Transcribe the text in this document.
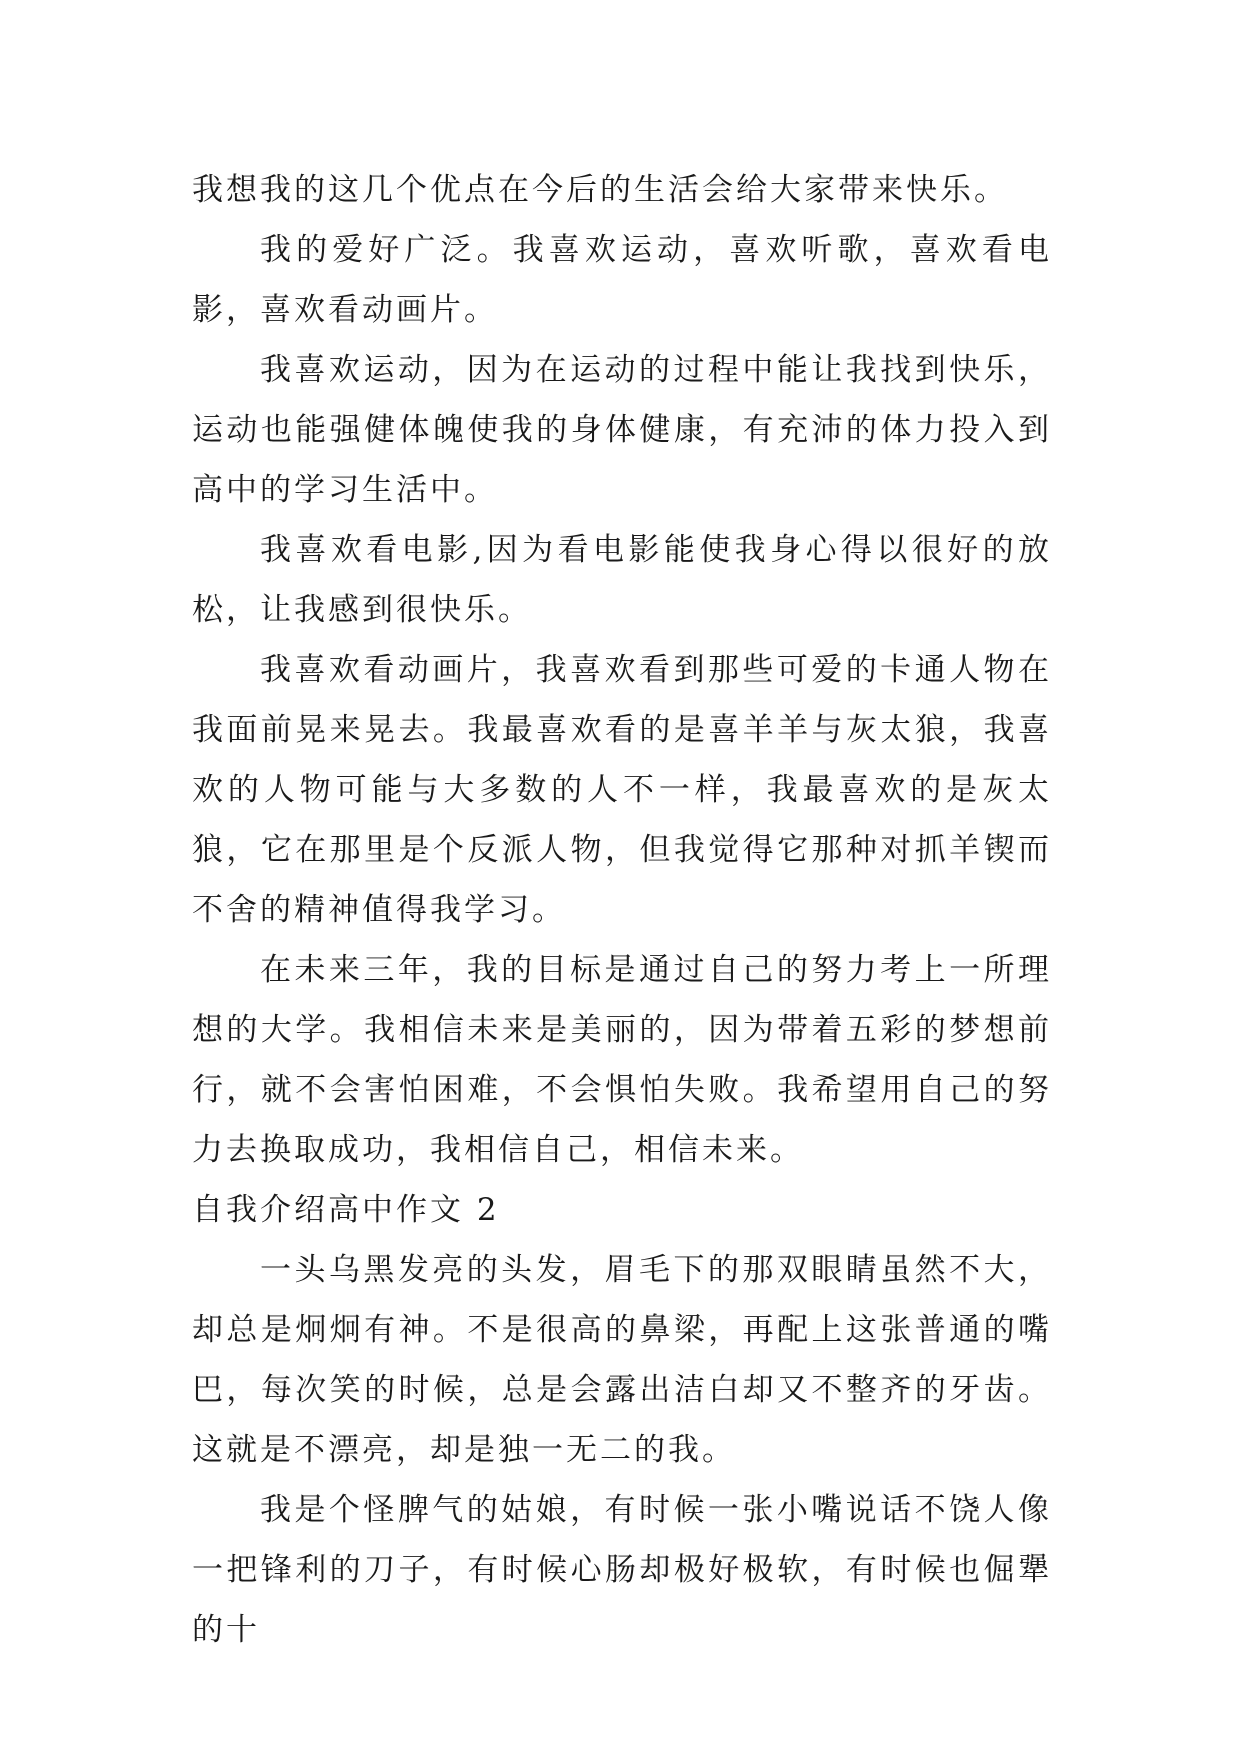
我想我的这几个优点在今后的生活会给大家带来快乐。

我的爱好广泛。我喜欢运动，喜欢听歌，喜欢看电影，喜欢看动画片。

我喜欢运动，因为在运动的过程中能让我找到快乐，运动也能强健体魄使我的身体健康，有充沛的体力投入到高中的学习生活中。

我喜欢看电影,因为看电影能使我身心得以很好的放松，让我感到很快乐。

我喜欢看动画片，我喜欢看到那些可爱的卡通人物在我面前晃来晃去。我最喜欢看的是喜羊羊与灰太狼，我喜欢的人物可能与大多数的人不一样，我最喜欢的是灰太狼，它在那里是个反派人物，但我觉得它那种对抓羊锲而不舍的精神值得我学习。

在未来三年，我的目标是通过自己的努力考上一所理想的大学。我相信未来是美丽的，因为带着五彩的梦想前行，就不会害怕困难，不会惧怕失败。我希望用自己的努力去换取成功，我相信自己，相信未来。

自我介绍高中作文 2

一头乌黑发亮的头发，眉毛下的那双眼睛虽然不大，却总是炯炯有神。不是很高的鼻梁，再配上这张普通的嘴巴，每次笑的时候，总是会露出洁白却又不整齐的牙齿。这就是不漂亮，却是独一无二的我。

我是个怪脾气的姑娘，有时候一张小嘴说话不饶人像一把锋利的刀子，有时候心肠却极好极软，有时候也倔犟的十
